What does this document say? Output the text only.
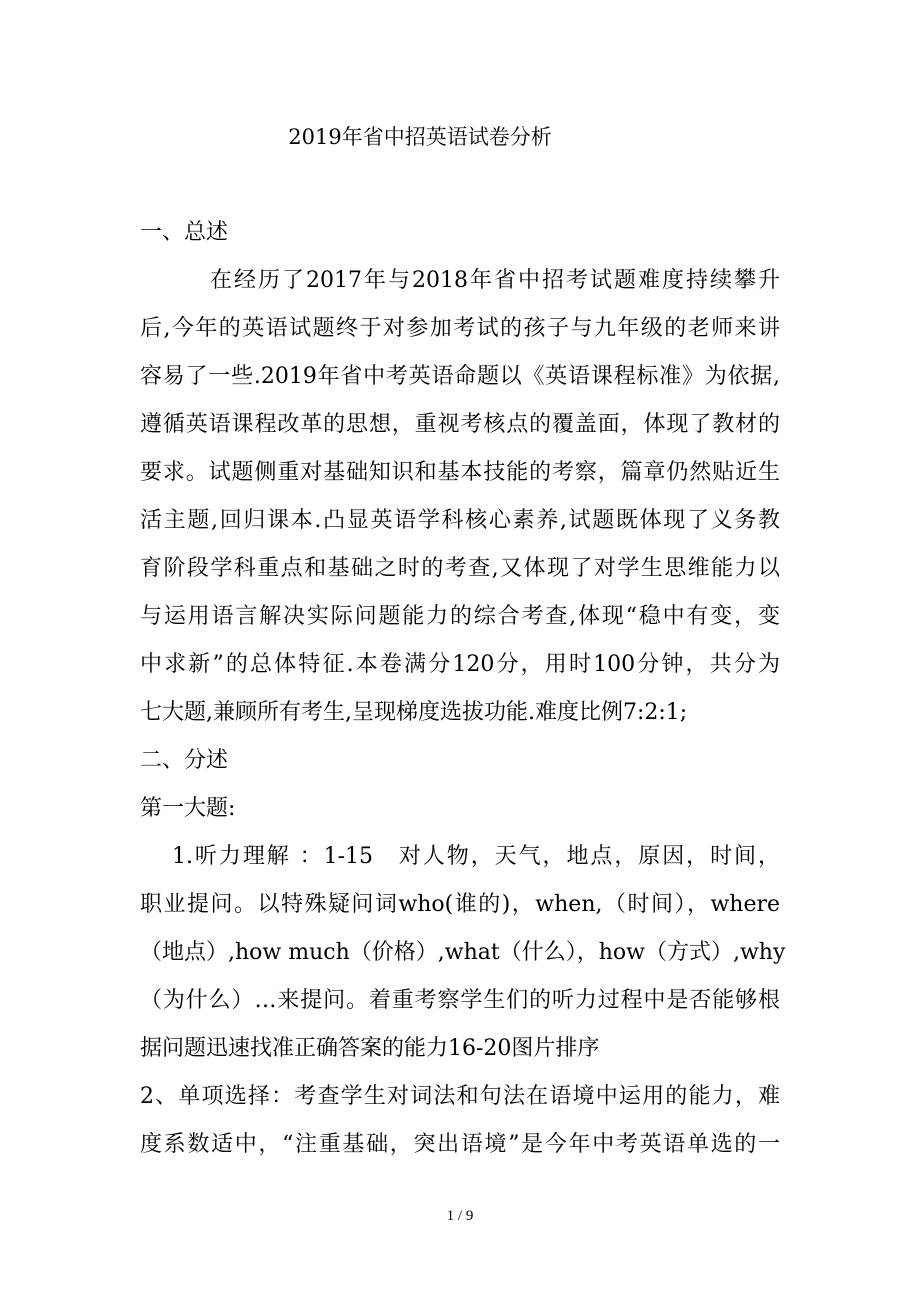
2019年省中招英语试卷分析
一、总述
在经历了2017年与2018年省中招考试题难度持续攀升
后,今年的英语试题终于对参加考试的孩子与九年级的老师来讲
容易了一些.2019年省中考英语命题以《英语课程标准》为依据,
遵循英语课程改革的思想，重视考核点的覆盖面，体现了教材的
要求。试题侧重对基础知识和基本技能的考察，篇章仍然贴近生
活主题,回归课本.凸显英语学科核心素养,试题既体现了义务教
育阶段学科重点和基础之时的考查,又体现了对学生思维能力以
与运用语言解决实际问题能力的综合考查,体现“稳中有变，变
中求新”的总体特征.本卷满分120分，用时100分钟，共分为
七大题,兼顾所有考生,呈现梯度选拔功能.难度比例7:2:1;
二、分述
第一大题:
1.听力理解 ：1-15　对人物，天气，地点，原因，时间，
职业提问。以特殊疑问词who(谁的)，when,（时间），where
（地点）,how much（价格）,what（什么），how（方式）,why
（为什么）…来提问。着重考察学生们的听力过程中是否能够根
据问题迅速找准正确答案的能力16-20图片排序
2、单项选择：考查学生对词法和句法在语境中运用的能力，难
度系数适中，“注重基础，突出语境”是今年中考英语单选的一
1 / 9
